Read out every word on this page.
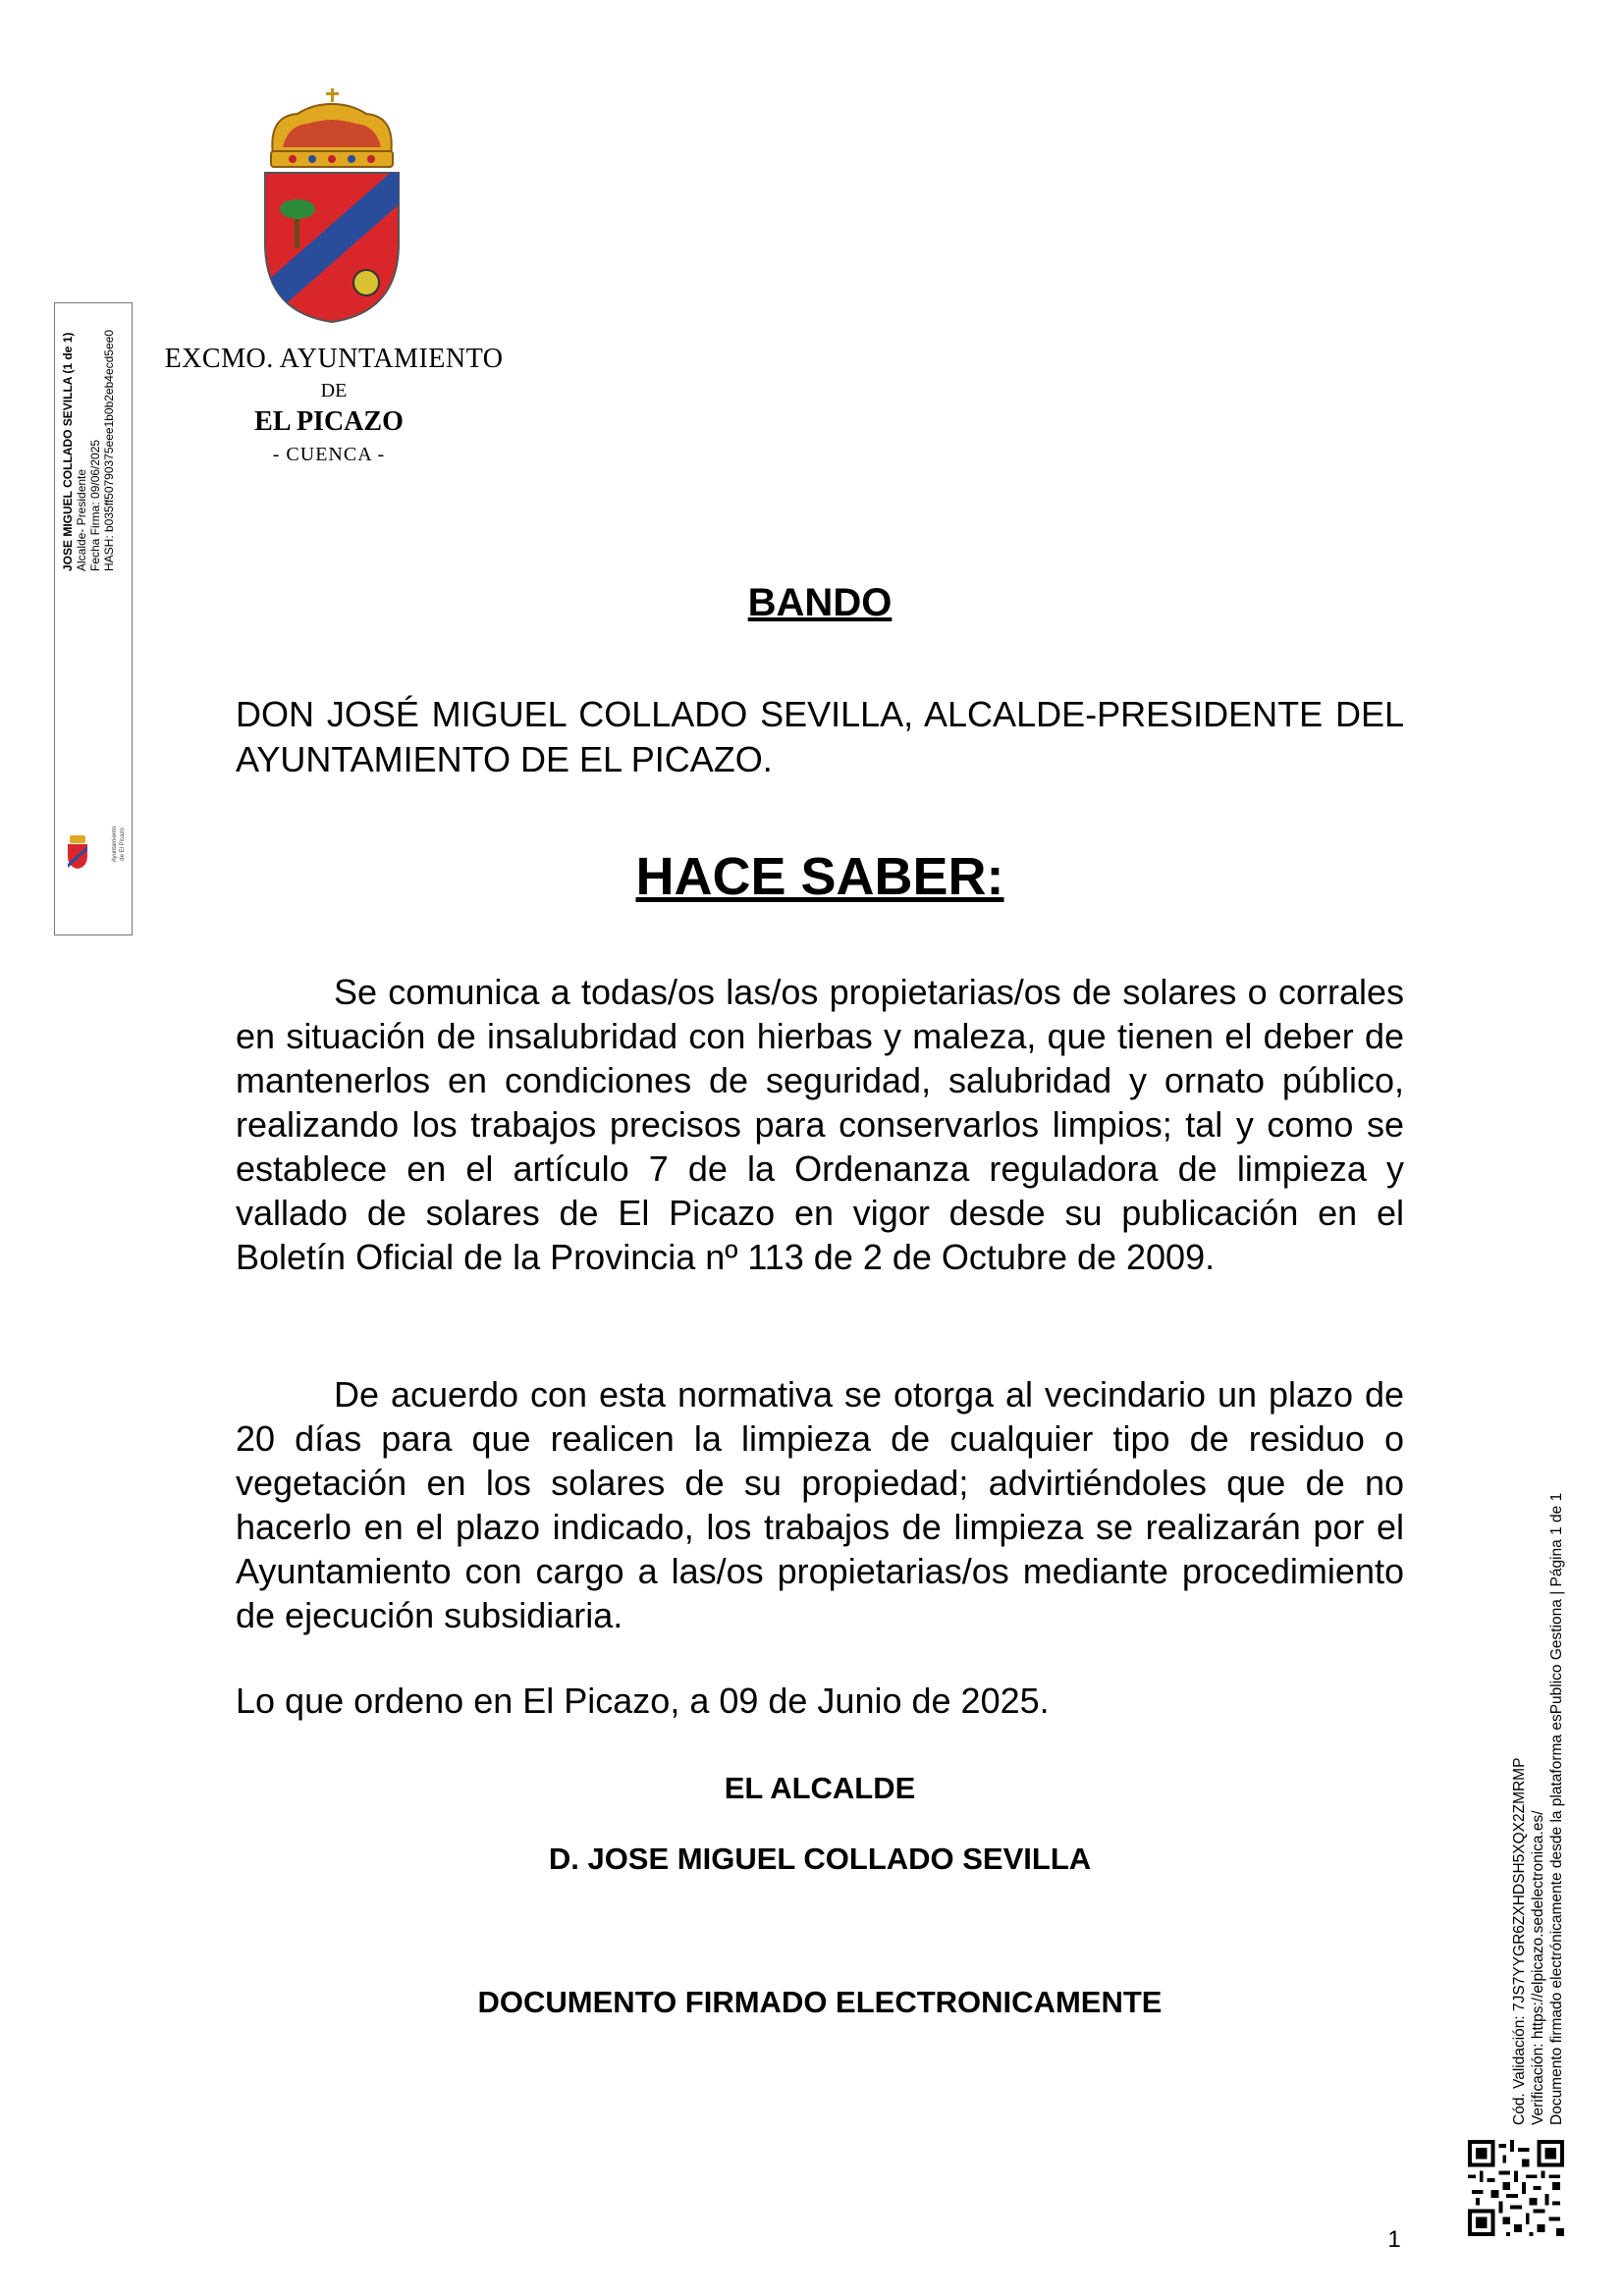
EXCMO. AYUNTAMIENTO
DE
EL PICAZO
- CUENCA -
JOSE MIGUEL COLLADO SEVILLA (1 de 1) Alcalde- Presidente Fecha Firma: 09/06/2025 HASH: b035ff50790375eee1b0b2eb4ecd5ee0
Ayuntamiento de El Picazo
BANDO
DON JOSÉ MIGUEL COLLADO SEVILLA, ALCALDE-PRESIDENTE DEL AYUNTAMIENTO DE EL PICAZO.
HACE SABER:
Se comunica a todas/os las/os propietarias/os de solares o corrales en situación de insalubridad con hierbas y maleza, que tienen el deber de mantenerlos en condiciones de seguridad, salubridad y ornato público, realizando los trabajos precisos para conservarlos limpios; tal y como se establece en el artículo 7 de la Ordenanza reguladora de limpieza y vallado de solares de El Picazo en vigor desde su publicación en el Boletín Oficial de la Provincia nº 113 de 2 de Octubre de 2009.
De acuerdo con esta normativa se otorga al vecindario un plazo de 20 días para que realicen la limpieza de cualquier tipo de residuo o vegetación en los solares de su propiedad; advirtiéndoles que de no hacerlo en el plazo indicado, los trabajos de limpieza se realizarán por el Ayuntamiento con cargo a las/os propietarias/os mediante procedimiento de ejecución subsidiaria.
Lo que ordeno en El Picazo, a 09 de Junio de 2025.
EL ALCALDE
D. JOSE MIGUEL COLLADO SEVILLA
DOCUMENTO FIRMADO ELECTRONICAMENTE	Cód. Validación: 7JS7YYGR6ZXHDSH5XQX2ZMRMP Verificación: https://elpicazo.sedelectronica.es/ Documento firmado electrónicamente desde la plataforma esPublico Gestiona | Página 1 de 1
1
